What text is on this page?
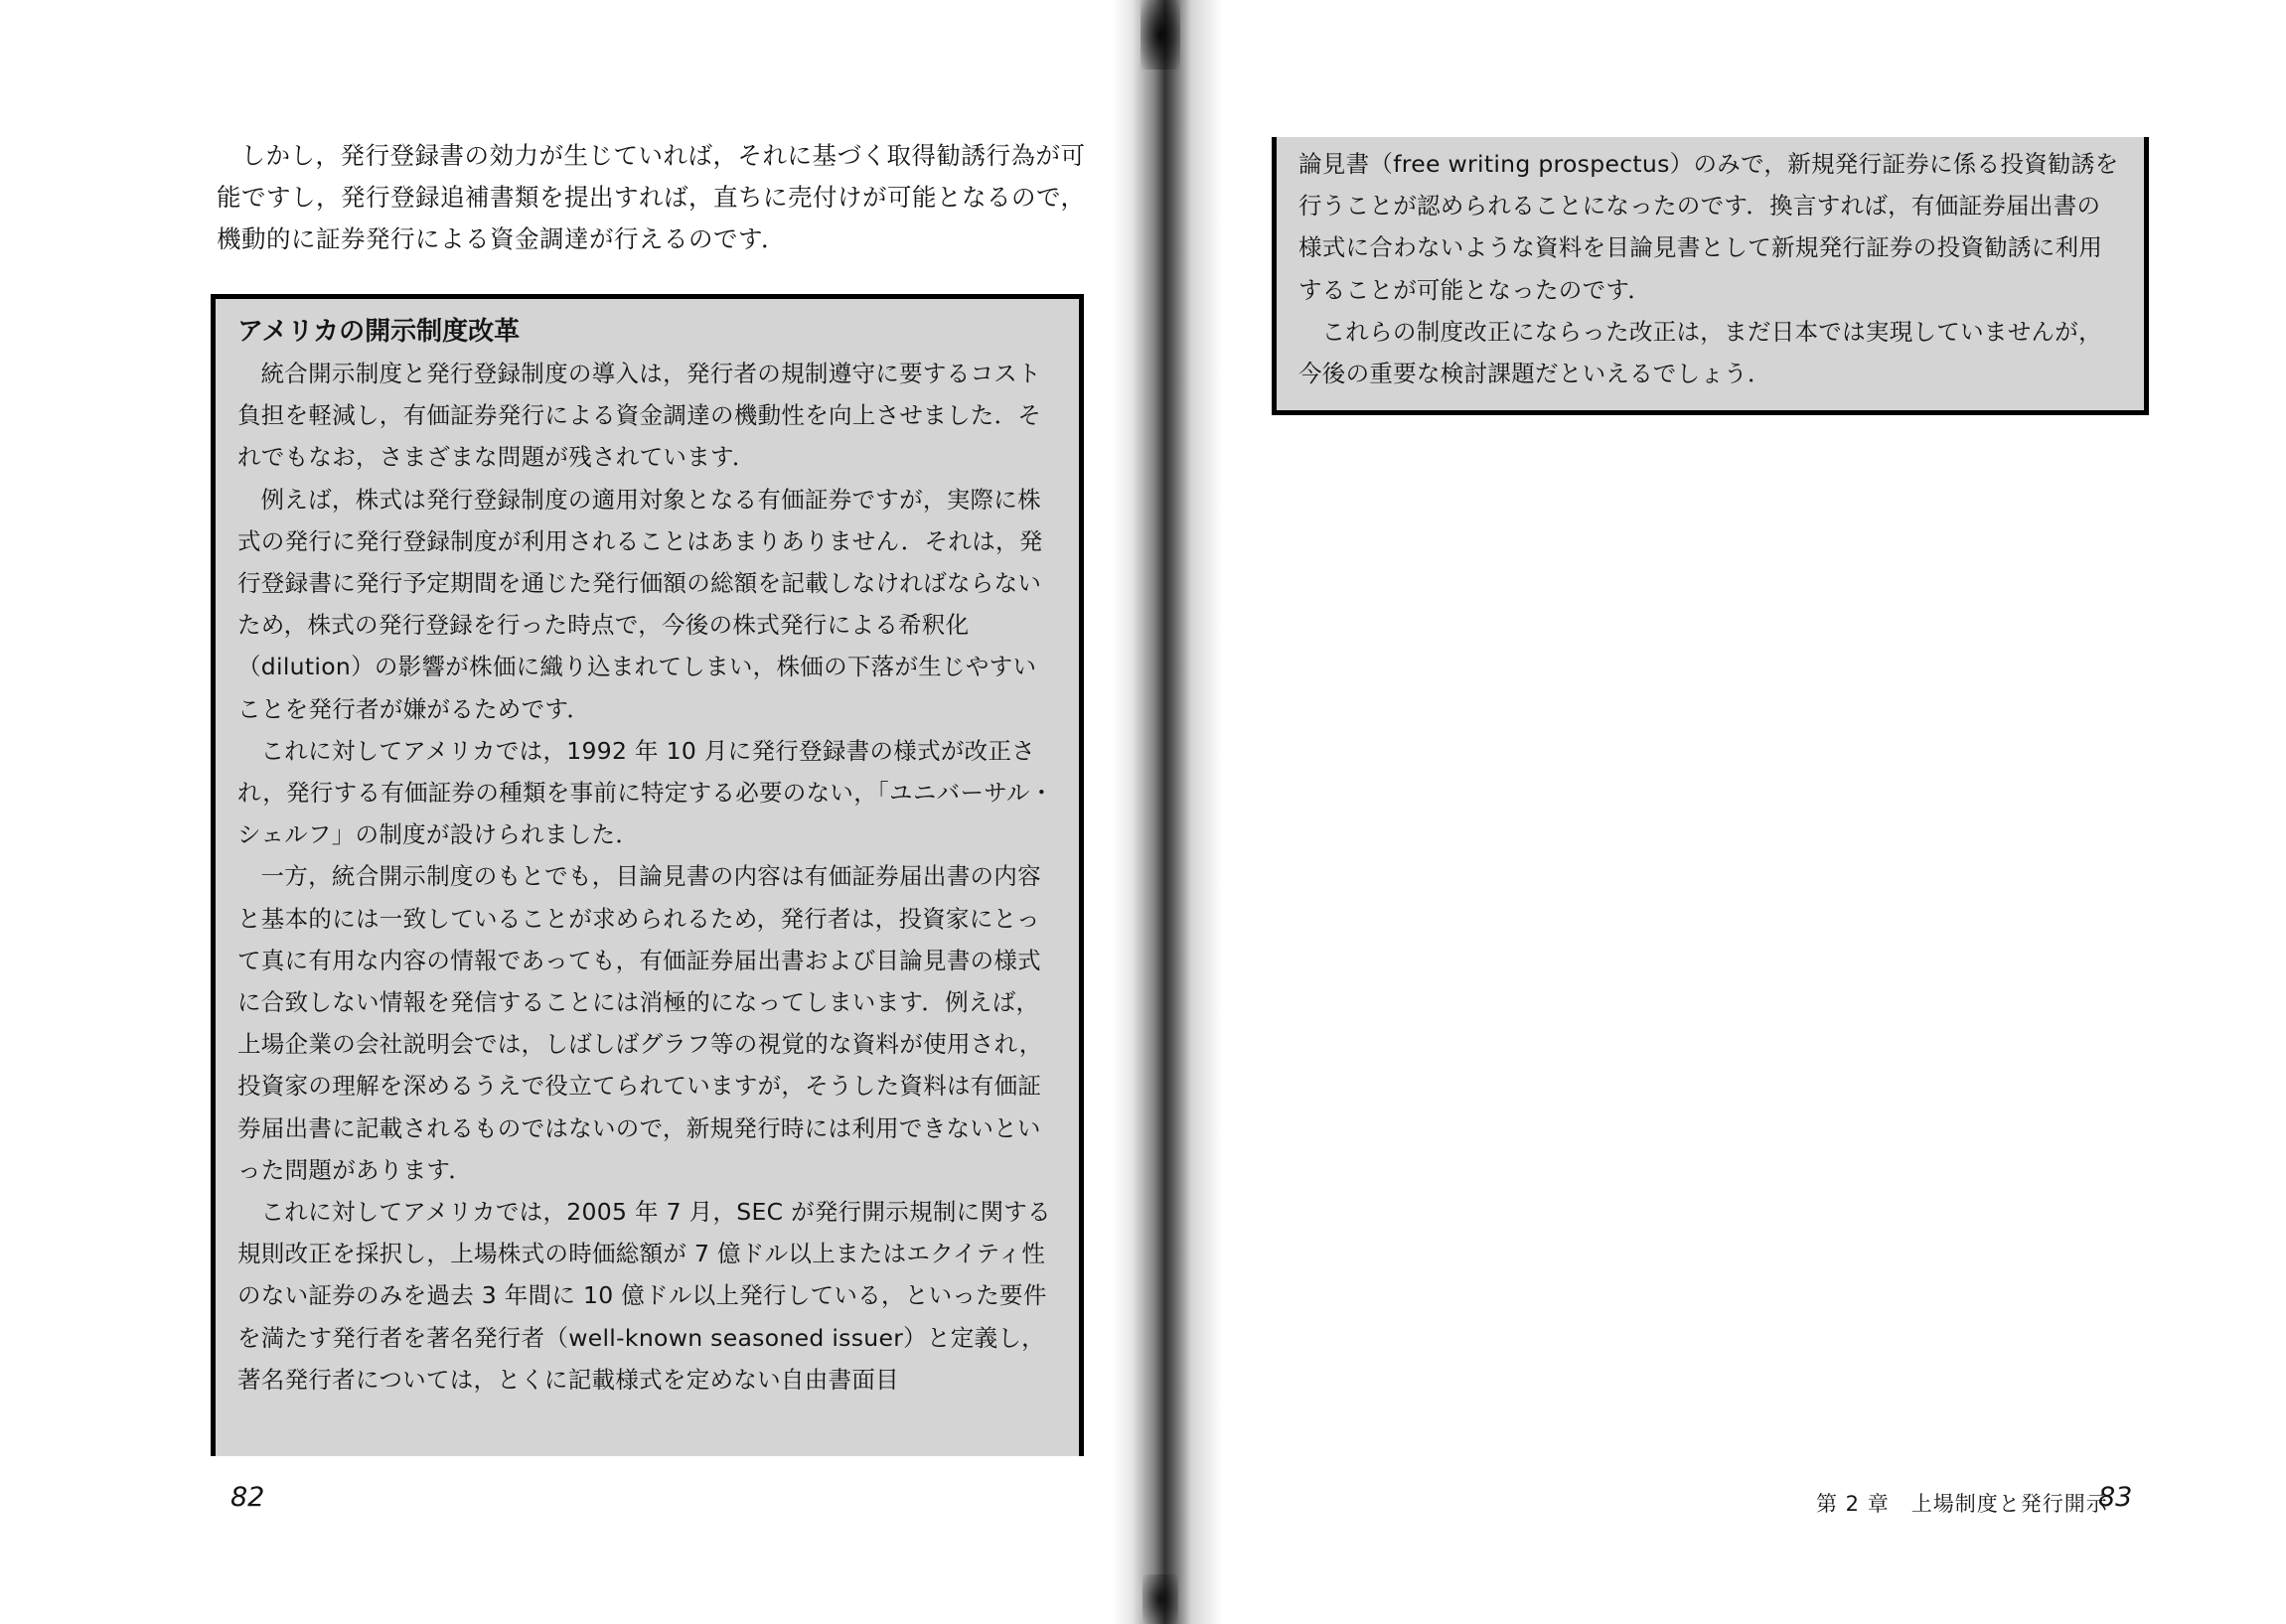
しかし，発行登録書の効力が生じていれば，それに基づく取得勧誘行為が可能ですし，発行登録追補書類を提出すれば，直ちに売付けが可能となるので，機動的に証券発行による資金調達が行えるのです．

アメリカの開示制度改革

統合開示制度と発行登録制度の導入は，発行者の規制遵守に要するコスト負担を軽減し，有価証券発行による資金調達の機動性を向上させました．それでもなお，さまざまな問題が残されています．

例えば，株式は発行登録制度の適用対象となる有価証券ですが，実際に株式の発行に発行登録制度が利用されることはあまりありません．それは，発行登録書に発行予定期間を通じた発行価額の総額を記載しなければならないため，株式の発行登録を行った時点で，今後の株式発行による希釈化（dilution）の影響が株価に織り込まれてしまい，株価の下落が生じやすいことを発行者が嫌がるためです．

これに対してアメリカでは，1992 年 10 月に発行登録書の様式が改正され，発行する有価証券の種類を事前に特定する必要のない，「ユニバーサル・シェルフ」の制度が設けられました．

一方，統合開示制度のもとでも，目論見書の内容は有価証券届出書の内容と基本的には一致していることが求められるため，発行者は，投資家にとって真に有用な内容の情報であっても，有価証券届出書および目論見書の様式に合致しない情報を発信することには消極的になってしまいます．例えば，上場企業の会社説明会では，しばしばグラフ等の視覚的な資料が使用され，投資家の理解を深めるうえで役立てられていますが，そうした資料は有価証券届出書に記載されるものではないので，新規発行時には利用できないといった問題があります．

これに対してアメリカでは，2005 年 7 月，SEC が発行開示規制に関する規則改正を採択し，上場株式の時価総額が 7 億ドル以上またはエクイティ性のない証券のみを過去 3 年間に 10 億ドル以上発行している，といった要件を満たす発行者を著名発行者（well-known seasoned issuer）と定義し，著名発行者については，とくに記載様式を定めない自由書面目

82

論見書（free writing prospectus）のみで，新規発行証券に係る投資勧誘を行うことが認められることになったのです．換言すれば，有価証券届出書の様式に合わないような資料を目論見書として新規発行証券の投資勧誘に利用することが可能となったのです．

これらの制度改正にならった改正は，まだ日本では実現していませんが，今後の重要な検討課題だといえるでしょう．

第 2 章　上場制度と発行開示
83
